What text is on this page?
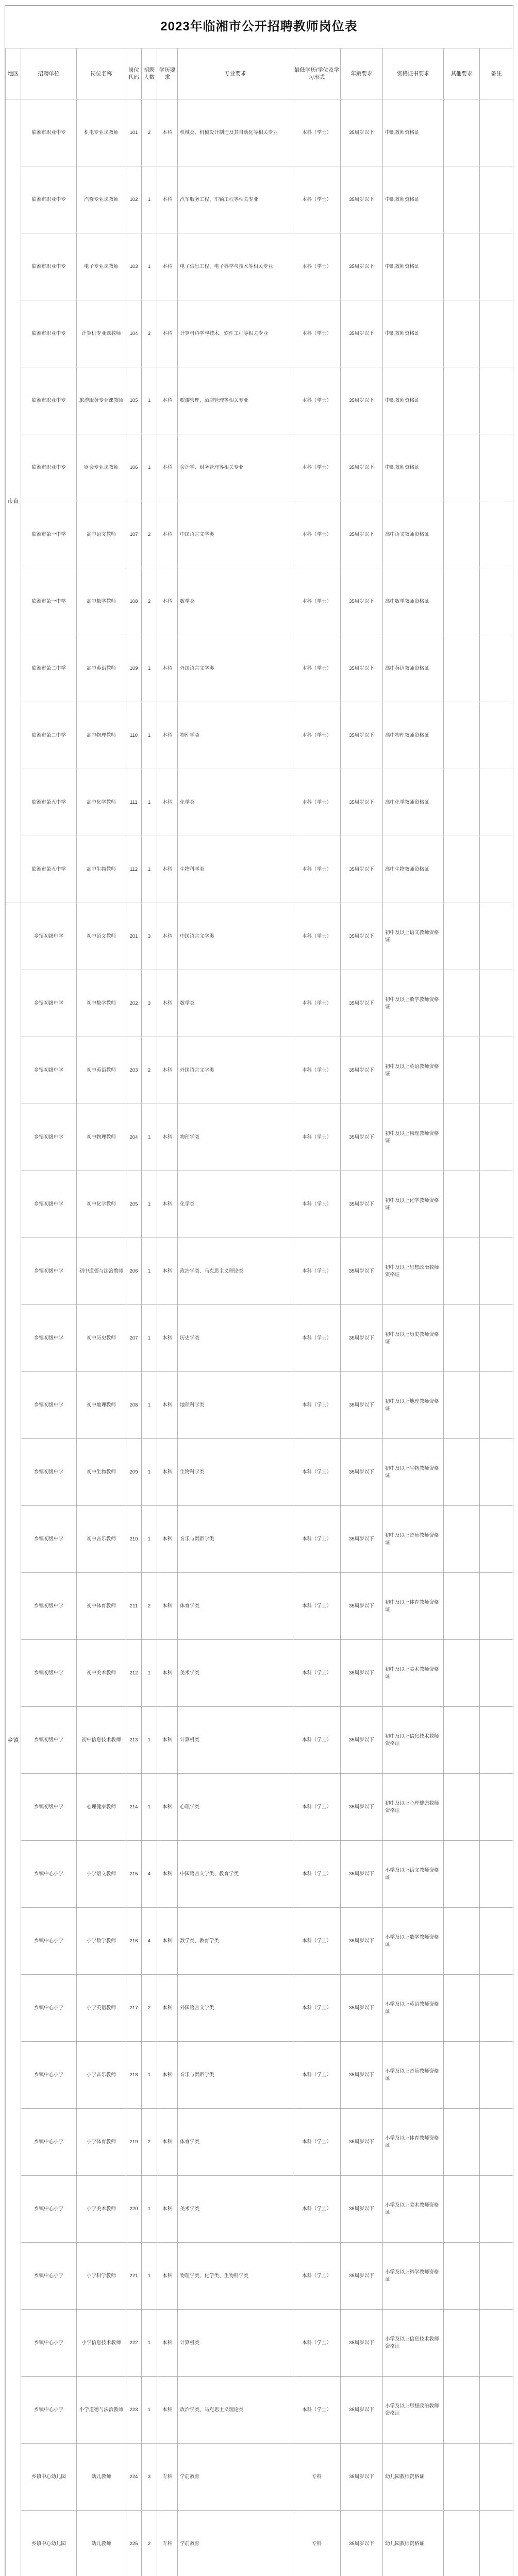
2023年临湘市公开招聘教师岗位表
地区	招聘单位	岗位名称	岗位代码	招聘人数	学历要求	专业要求	最低学历/学位及学习形式	年龄要求	资格证书要求	其他要求	备注
市直	临湘市职业中专	机电专业课教师	101	2	本科	机械类、机械设计制造及其自动化等相关专业	本科（学士）	35周岁以下	中职教师资格证		
	临湘市职业中专	汽修专业课教师	102	1	本科	汽车服务工程、车辆工程等相关专业	本科（学士）	35周岁以下	中职教师资格证		
	临湘市职业中专	电子专业课教师	103	1	本科	电子信息工程、电子科学与技术等相关专业	本科（学士）	35周岁以下	中职教师资格证		
	临湘市职业中专	计算机专业课教师	104	2	本科	计算机科学与技术、软件工程等相关专业	本科（学士）	35周岁以下	中职教师资格证		
	临湘市职业中专	旅游服务专业课教师	105	1	本科	旅游管理、酒店管理等相关专业	本科（学士）	35周岁以下	中职教师资格证		
	临湘市职业中专	财会专业课教师	106	1	本科	会计学、财务管理等相关专业	本科（学士）	35周岁以下	中职教师资格证		
	临湘市第一中学	高中语文教师	107	2	本科	中国语言文学类	本科（学士）	35周岁以下	高中语文教师资格证		
	临湘市第一中学	高中数学教师	108	2	本科	数学类	本科（学士）	35周岁以下	高中数学教师资格证		
	临湘市第二中学	高中英语教师	109	1	本科	外国语言文学类	本科（学士）	35周岁以下	高中英语教师资格证		
	临湘市第二中学	高中物理教师	110	1	本科	物理学类	本科（学士）	35周岁以下	高中物理教师资格证		
	临湘市第五中学	高中化学教师	111	1	本科	化学类	本科（学士）	35周岁以下	高中化学教师资格证		
	临湘市第五中学	高中生物教师	112	1	本科	生物科学类	本科（学士）	35周岁以下	高中生物教师资格证		
乡镇	乡镇初级中学	初中语文教师	201	3	本科	中国语言文学类	本科（学士）	35周岁以下	初中及以上语文教师资格证		
	乡镇初级中学	初中数学教师	202	3	本科	数学类	本科（学士）	35周岁以下	初中及以上数学教师资格证		
	乡镇初级中学	初中英语教师	203	2	本科	外国语言文学类	本科（学士）	35周岁以下	初中及以上英语教师资格证		
	乡镇初级中学	初中物理教师	204	1	本科	物理学类	本科（学士）	35周岁以下	初中及以上物理教师资格证		
	乡镇初级中学	初中化学教师	205	1	本科	化学类	本科（学士）	35周岁以下	初中及以上化学教师资格证		
	乡镇初级中学	初中道德与法治教师	206	1	本科	政治学类、马克思主义理论类	本科（学士）	35周岁以下	初中及以上思想政治教师资格证		
	乡镇初级中学	初中历史教师	207	1	本科	历史学类	本科（学士）	35周岁以下	初中及以上历史教师资格证		
	乡镇初级中学	初中地理教师	208	1	本科	地理科学类	本科（学士）	35周岁以下	初中及以上地理教师资格证		
	乡镇初级中学	初中生物教师	209	1	本科	生物科学类	本科（学士）	35周岁以下	初中及以上生物教师资格证		
	乡镇初级中学	初中音乐教师	210	1	本科	音乐与舞蹈学类	本科（学士）	35周岁以下	初中及以上音乐教师资格证		
	乡镇初级中学	初中体育教师	211	2	本科	体育学类	本科（学士）	35周岁以下	初中及以上体育教师资格证		
	乡镇初级中学	初中美术教师	212	1	本科	美术学类	本科（学士）	35周岁以下	初中及以上美术教师资格证		
	乡镇初级中学	初中信息技术教师	213	1	本科	计算机类	本科（学士）	35周岁以下	初中及以上信息技术教师资格证		
	乡镇初级中学	心理健康教师	214	1	本科	心理学类	本科（学士）	35周岁以下	初中及以上心理健康教师资格证		
	乡镇中心小学	小学语文教师	215	4	本科	中国语言文学类、教育学类	本科（学士）	35周岁以下	小学及以上语文教师资格证		
	乡镇中心小学	小学数学教师	216	4	本科	数学类、教育学类	本科（学士）	35周岁以下	小学及以上数学教师资格证		
	乡镇中心小学	小学英语教师	217	2	本科	外国语言文学类	本科（学士）	35周岁以下	小学及以上英语教师资格证		
	乡镇中心小学	小学音乐教师	218	1	本科	音乐与舞蹈学类	本科（学士）	35周岁以下	小学及以上音乐教师资格证		
	乡镇中心小学	小学体育教师	219	2	本科	体育学类	本科（学士）	35周岁以下	小学及以上体育教师资格证		
	乡镇中心小学	小学美术教师	220	1	本科	美术学类	本科（学士）	35周岁以下	小学及以上美术教师资格证		
	乡镇中心小学	小学科学教师	221	1	本科	物理学类、化学类、生物科学类	本科（学士）	35周岁以下	小学及以上科学教师资格证		
	乡镇中心小学	小学信息技术教师	222	1	本科	计算机类	本科（学士）	35周岁以下	小学及以上信息技术教师资格证		
	乡镇中心小学	小学道德与法治教师	223	1	本科	政治学类、马克思主义理论类	本科（学士）	35周岁以下	小学及以上思想政治教师资格证		
	乡镇中心幼儿园	幼儿教师	224	3	专科	学前教育	专科	35周岁以下	幼儿园教师资格证		
	乡镇中心幼儿园	幼儿教师	225	2	专科	学前教育	专科	35周岁以下	幼儿园教师资格证		
